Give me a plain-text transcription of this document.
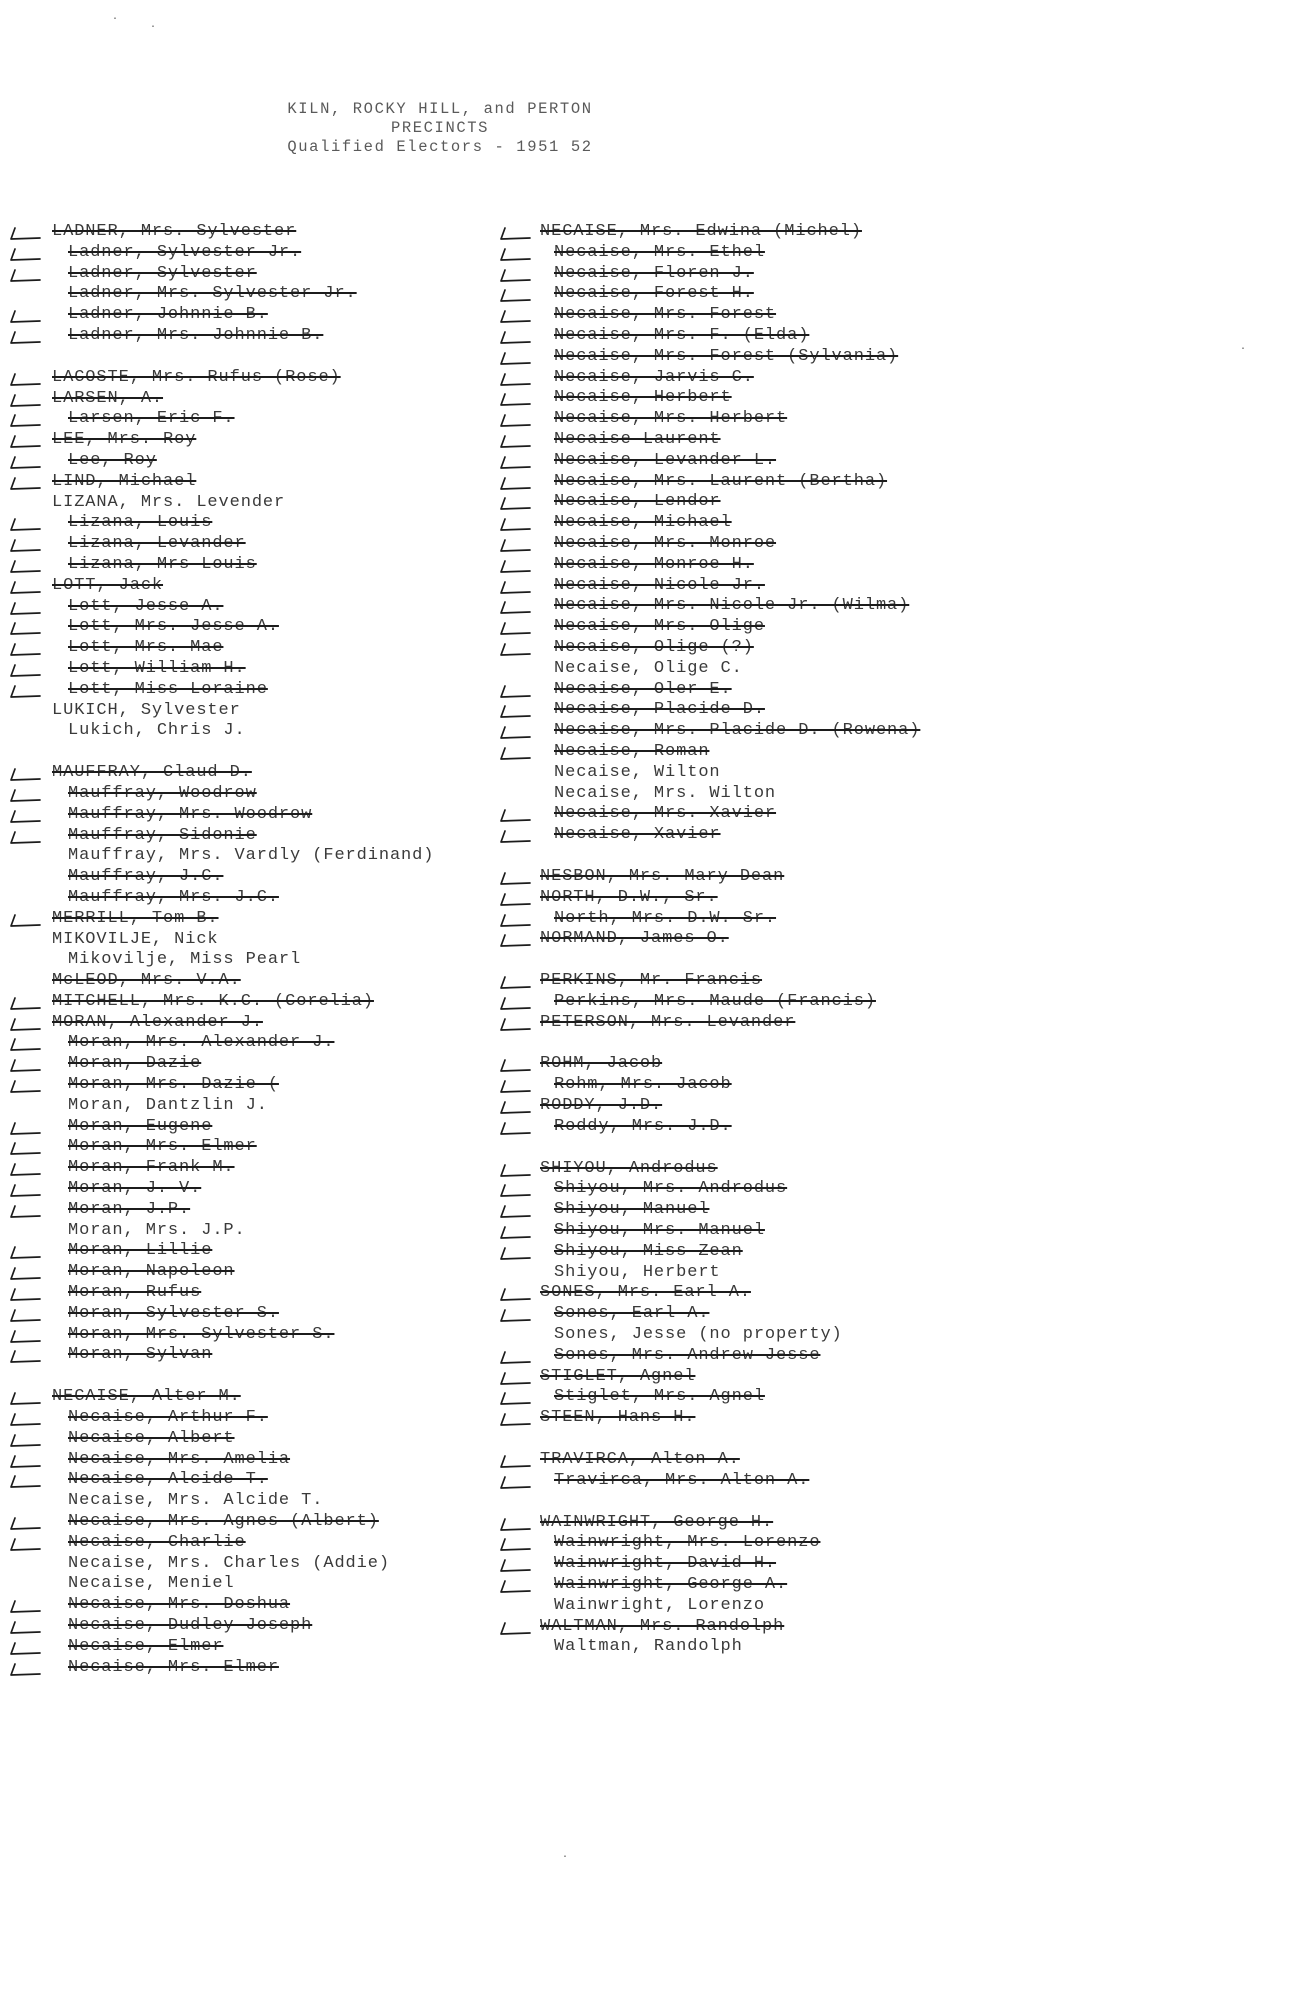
KILN, ROCKY HILL, and PERTON
PRECINCTS
Qualified Electors - 1951 52
LADNER, Mrs. Sylvester
Ladner, Sylvester Jr.
Ladner, Sylvester
Ladner, Mrs. Sylvester Jr.
Ladner, Johnnie B.
Ladner, Mrs. Johnnie B.
LACOSTE, Mrs. Rufus (Rose)
LARSEN, A.
Larsen, Eric F.
LEE, Mrs. Roy
Lee, Roy
LIND, Michael
LIZANA, Mrs. Levender
Lizana, Louis
Lizana, Levander
Lizana, Mrs Louis
LOTT, Jack
Lott, Jesse A.
Lott, Mrs. Jesse A.
Lott, Mrs. Mae
Lott, William H.
Lott, Miss Loraine
LUKICH, Sylvester
Lukich, Chris J.
MAUFFRAY, Claud D.
Mauffray, Woodrow
Mauffray, Mrs. Woodrow
Mauffray, Sidonie
Mauffray, Mrs. Vardly (Ferdinand)
Mauffray, J.C.
Mauffray, Mrs. J.C.
MERRILL, Tom B.
MIKOVILJE, Nick
Mikovilje, Miss Pearl
McLEOD, Mrs. V.A.
MITCHELL, Mrs. K.C. (Corelia)
MORAN, Alexander J.
Moran, Mrs. Alexander J.
Moran, Dazie
Moran, Mrs. Dazie (
Moran, Dantzlin J.
Moran, Eugene
Moran, Mrs. Elmer
Moran, Frank M.
Moran, J. V.
Moran, J.P.
Moran, Mrs. J.P.
Moran, Lillie
Moran, Napoleon
Moran, Rufus
Moran, Sylvester S.
Moran, Mrs. Sylvester S.
Moran, Sylvan
NECAISE, Alter M.
Necaise, Arthur F.
Necaise, Albert
Necaise, Mrs. Amelia
Necaise, Alcide T.
Necaise, Mrs. Alcide T.
Necaise, Mrs. Agnes (Albert)
Necaise, Charlie
Necaise, Mrs. Charles (Addie)
Necaise, Meniel
Necaise, Mrs. Doshua
Necaise, Dudley Joseph
Necaise, Elmer
Necaise, Mrs. Elmer
NECAISE, Mrs. Edwina (Michel)
Necaise, Mrs. Ethel
Necaise, Floren J.
Necaise, Forest H.
Necaise, Mrs. Forest
Necaise, Mrs. F. (Elda)
Necaise, Mrs. Forest (Sylvania)
Necaise, Jarvis C.
Necaise, Herbert
Necaise, Mrs. Herbert
Necaise Laurent
Necaise, Levander L.
Necaise, Mrs. Laurent (Bertha)
Necaise, Lendor
Necaise, Michael
Necaise, Mrs. Monroe
Necaise, Monroe H.
Necaise, Nicole Jr.
Necaise, Mrs. Nicole Jr. (Wilma)
Necaise, Mrs. Olige
Necaise, Olige (?)
Necaise, Olige C.
Necaise, Oler E.
Necaise, Placide D.
Necaise, Mrs. Placide D. (Rowena)
Necaise, Roman
Necaise, Wilton
Necaise, Mrs. Wilton
Necaise, Mrs. Xavier
Necaise, Xavier
NESBON, Mrs. Mary Dean
NORTH, D.W., Sr.
North, Mrs. D.W. Sr.
NORMAND, James O.
PERKINS, Mr. Francis
Perkins, Mrs. Maude (Francis)
PETERSON, Mrs. Levander
ROHM, Jacob
Rohm, Mrs. Jacob
RODDY, J.D.
Roddy, Mrs. J.D.
SHIYOU, Androdus
Shiyou, Mrs. Androdus
Shiyou, Manuel
Shiyou, Mrs. Manuel
Shiyou, Miss Zean
Shiyou, Herbert
SONES, Mrs. Earl A.
Sones, Earl A.
Sones, Jesse (no property)
Sones, Mrs. Andrew Jesse
STIGLET, Agnel
Stiglet, Mrs. Agnel
STEEN, Hans H.
TRAVIRCA, Alton A.
Travirca, Mrs. Alton A.
WAINWRIGHT, George H.
Wainwright, Mrs. Lorenzo
Wainwright, David H.
Wainwright, George A.
Wainwright, Lorenzo
WALTMAN, Mrs. Randolph
Waltman, Randolph
·
·
·
·
